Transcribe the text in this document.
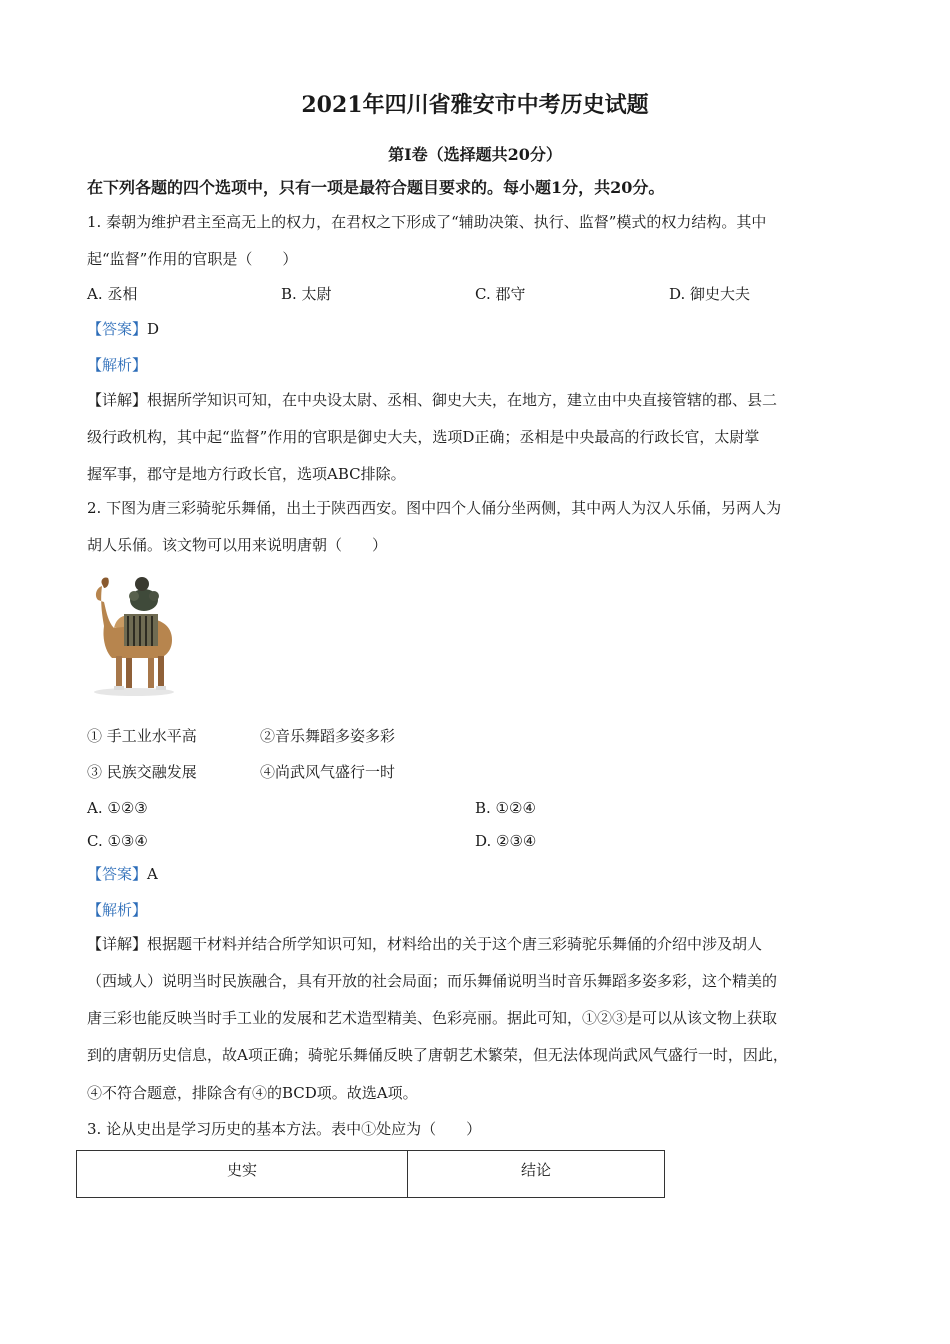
2021年四川省雅安市中考历史试题
第Ⅰ卷（选择题共20分）
在下列各题的四个选项中，只有一项是最符合题目要求的。每小题1分，共20分。
1. 秦朝为维护君主至高无上的权力，在君权之下形成了“辅助决策、执行、监督”模式的权力结构。其中
起“监督”作用的官职是（　　）
A. 丞相	B. 太尉	C. 郡守	D. 御史大夫
【答案】D
【解析】
【详解】根据所学知识可知，在中央设太尉、丞相、御史大夫，在地方，建立由中央直接管辖的郡、县二
级行政机构，其中起“监督”作用的官职是御史大夫，选项D正确；丞相是中央最高的行政长官，太尉掌
握军事，郡守是地方行政长官，选项ABC排除。
2. 下图为唐三彩骑驼乐舞俑，出土于陕西西安。图中四个人俑分坐两侧，其中两人为汉人乐俑，另两人为
胡人乐俑。该文物可以用来说明唐朝（　　）
① 手工业水平高	②音乐舞蹈多姿多彩
③ 民族交融发展	④尚武风气盛行一时
A. ①②③	B. ①②④
C. ①③④	D. ②③④
【答案】A
【解析】
【详解】根据题干材料并结合所学知识可知，材料给出的关于这个唐三彩骑驼乐舞俑的介绍中涉及胡人
（西域人）说明当时民族融合，具有开放的社会局面；而乐舞俑说明当时音乐舞蹈多姿多彩，这个精美的
唐三彩也能反映当时手工业的发展和艺术造型精美、色彩亮丽。据此可知，①②③是可以从该文物上获取
到的唐朝历史信息，故A项正确；骑驼乐舞俑反映了唐朝艺术繁荣，但无法体现尚武风气盛行一时，因此，
④不符合题意，排除含有④的BCD项。故选A项。
3. 论从史出是学习历史的基本方法。表中①处应为（　　）
史实	结论
